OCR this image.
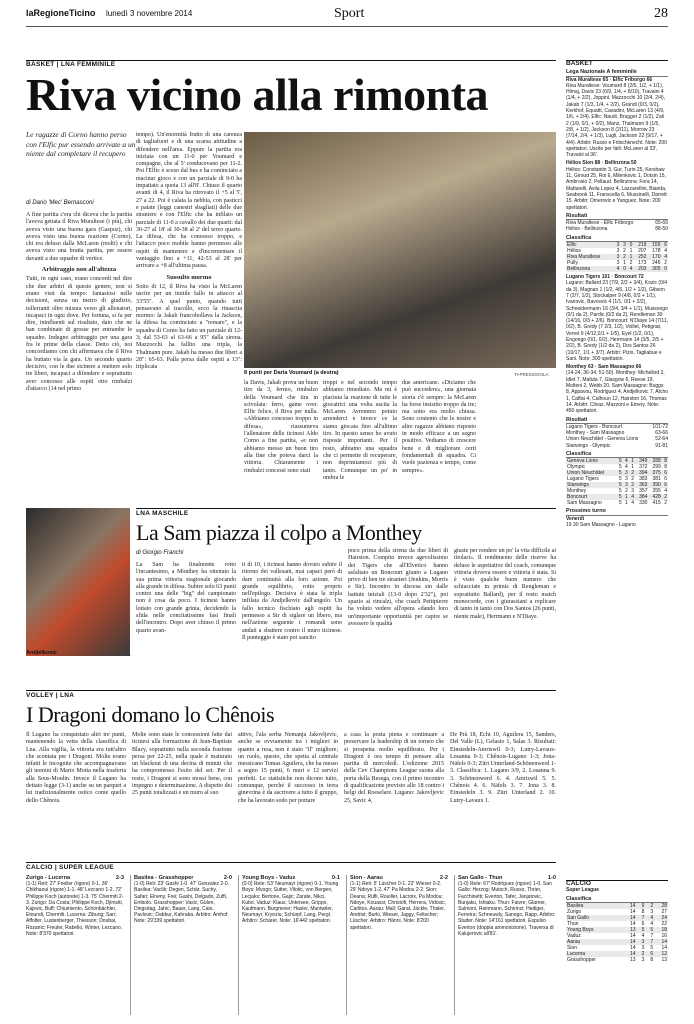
laRegioneTicino lunedì 3 novembre 2014	Sport	28
BASKET | LNA FEMMINILE
Riva vicino alla rimonta
Le ragazze di Corno hanno perso con l'Elfic pur essendo arrivate a un niente dal completare il recupero
di Dario 'Mec' Bernasconi

A fine partita c'era chi diceva che la partita l'aveva gettata il Riva Muraltese (i più), chi aveva visto una buona gara (Gaspoz), chi aveva visto una buona reazione (Corno), chi era deluso dalla McLaren (molti) e chi aveva visto una brutta partita, per essere davanti a due squadre di vertice.

Arbitraggio non all'altezza

Tutti, in ogni caso, erano concordi nel dire che due arbitri di questo genere, non si erano visti da tempo: fantasiosi nelle decisioni, senza un metro di giudizio, tollerranti oltre misura verso gli allenatori, incapaci in ogni dove. Per fortuna, si fa per dire, ininfluenti sul risultato, dato che ne han combinate di grosse per entrambe le squadre. Indegno arbitraggio per una gara fra le prime della classe. Detto ciò, noi concordiamo con chi affermava che il Riva ha buttato via la gara. Un secondo quarto decisivo, con le due sicinere a mettere solo tre liberi, incapaci a difendere e soprattutto aver concesso alle ospiti otto rimbalzi d'attacco (14 nel primo

tempo). Un'enormità frutto di una carenza di tagliafuori e di una scarsa attitudine a difendere nell'area. Eppure la partita era iniziata con un 11-0 per Voumard e compagne, che al 5' conducevano per 11-2. Poi l'Elfic è sceso dal bus e ha cominciato a macinar gioco e con un parziale di 9-0 ha impattato a quota 13 all'8'. Chiuso il quarto avanti di 4, il Riva ha ritrovato il +5 al 5', 27 a 22. Poi è calata la nebbia, con pasticci e patate (leggi canestri sbagliati) delle due straniere e con l'Elfic che ha infilato un parziale di 11-0 a cavallo dei due quarti: dal 30-27 al 18' al 30-38 al 2' del terzo quarto. La difesa, che ha concesso troppo, e l'attacco poco mobile hanno permesso alle ospiti di mantenere e d'incrementare il vantaggio fino a +11, 42-53 al 28' per arrivare a +8 all'ultima pausa.

Sussulto mormo

Sotto di 12, il Riva ha visto la McLaren uscire per un inutile fallo in attacco al 33'55". A quel punto, quando tutti pensavano al tracollo, ecco la rinascita mormo: la Jakab francobollava la Jackson, la difesa ha cominciato a "remare", e la squadra di Corno ha fatto un parziale di 12-3; dal 53-63 al 63-66 a 95" dalla sirena. Mazzocchi ha fallito una tripla, la Thalmann pure. Jakab ha messo due liberi a 28": 65-63. Palla persa dalle ospiti a 13": triplicata

8 punti per Daria Voumard (a destra)	TI-PRESS/GOLA
la Davis, Jakab prova un buon tiro da 3, fermo, rimbalzo della Voumard che tira in scivolata: ferro, game over. Elfic felice, il Riva per nulla. «Abbiamo concesso troppo in difesa», riassumeva l'allenatore delle ticinesi Aldo Corno a fine partita, «e non abbiamo messo un buon tiro alla fine che poteva darci la vittoria. Chiaramente i rimbalzi concessi sono stati
troppi e nel secondo tempo abbiamo rimediato. Ma mi è piaciuta la reazione di tutte le giocatrici una volta uscita la McLaren. Avremmo potuto arrenderci e invece ce la siamo giocata fino all'ultimo tiro. In questo senso ho avuto risposte importanti. Per il resto, abbiamo una squadra che ci permette di recuperare, non deprimiamoci più di tanto. Comunque un po' in ombra le
due americane. «Diciamo che può succedere», una giornata storta c'è sempre: la McLaren ha forse insistito troppo da tre; ma sotto era molto chiusa. Sono contento che le nostre e altre ragazze abbiano risposto in modo efficace a un segno positivo. Vediamo di crescere bene e di migliorare certi fondamentali di squadra. Ci vuole pazienza e tempo, come sempre».
Andjelkovic	TI-PRESS/GOLA
LNA MASCHILE
La Sam piazza il colpo a Monthey
di Giorgio Franchi
La Sam ha finalmente rotto l'incantesimo, a Monthey ha ottenuto la sua prima vittoria stagionale giocando alla grande in difesa. Subire solo 63 punti contro una delle "big" del campionato non è cosa da poco. I ticinesi hanno lottato con grande grinta, decidendo la sfida nelle concitatissime fasi finali dell'incontro. Dopo aver chiuso il primo quarto avan-
ti di 10, i ticinesi hanno dovuto subire il ritorno dei vallesani, mai capaci però di dare continuità alla loro azione. Poi grande equilibrio, rotto proprio nell'epilogo. Decisiva è stata la tripla infilata da Andjelkovic dall'angolo. Un fallo tecnico fischiato agli ospiti ha permesso a Sir di siglare un libero, ma nell'azione seguente i romandi sono andati a sbattere contro il muro ticinese. Il punteggio è stato poi sancito
poco prima della sirena da due liberi di Hairston. Compito invece agevolissimo dei Tigers che all'Elvetico hanno asfaltato un Boncourt giunto a Lugano privo di ben tre stranieri (Jenkins, Morris e Sir). Incontro in discesa sin dalle battute iniziali (13-0 dopo 2'32"), poi spazio ai rincalzi, che coach Petitpierre ha voluto vedere all'opera «dando loro un'importante opportunità per capire se avessero le qualità
giuste per rendere un po' la vita difficile ai titolari». Il rendimento delle riserve ha deluso le aspettative del coach, comunque vittoria doveva essere e vittoria è stata. Si è visto qualche buon numero che schiacciate in primis di Rengleman e soprattutto Ballard), per il resto match monocorde, con i giurassiani a replicare di tanto in tanto con Dos Santos (26 punti, niente male), Herrmann e N'Diaye.
VOLLEY | LNA
I Dragoni domano lo Chênois
Il Lugano ha conquistato altri tre punti, mantenendo la vetta della classifica di Lna. Alla vigilia, la vittoria era tutt'altro che scontata per i Dragoni. Molte erano infatti le incognite che accompagnavano gli uomini di Mario Motta nella trasferta alla Sous-Moulin. Invece il Lugano ha dettato legge (3-1) anche su un parquet a lui tradizionalmente ostico come quello dello Chênois.
Molte sono state le concessioni fatte dai ticinesi alla formazione di Jean-Baptiste Blazy, soprattutto nella seconda frazione persa per 22-25, nella quale è maturato un blackout di una decina di minuti che ha compromesso l'esito del set. Per il resto, i Dragoni si sono mossi bene, con impegno e determinazione. A dispetto dei 25 punti totalizzati e un muro al suo
attivo, l'ala serba Nemanja Jakovljevic, anche se ovviamente tra i migliori in quanto a resa, non è stato "il" migliore; un ruolo, questo, che spetta al centrale messicano Tomas Aguilera, che ha messo a segno 15 punti, 6 muri e 12 servizi perfetti. Le statistiche non dicono tutto, comunque, perché il successo in terra ginevrina è da ascrivere a tutto il gruppo, che ha lavorato sodo per portare
a casa la posta piena e continuare a preservare la leadership di un torneo che si prospetta molto equilibrato. Per i Dragoni è ora tempo di pensare alla partita di mercoledì. L'edizione 2015 della Cev Champions League suona alla porta della Resega, con il primo incontro di qualificazione previsto alle 18 contro i belgi del Roeselare. Lugano: Jakovljevic 25, Savic 4,
De Prà 18, Echt 10, Aguilera 15, Sanders, Del Valle (L), Gelasio 1, Salas 3. Risultati: Einsiedeln-Amriswil 0-3; Lutry-Lavaux-Losanna 0-3; Chênois-Lugano 1-3; Jona-Näfels 0-3; Züri Unterland-Schönenwerd 1-3. Classifica: 1. Lugano 3/9, 2. Losanna 9. 3. Schönenwerd 6. 4. Amriswil 5. 5. Chênois 4. 6. Näfels 3. 7. Jona 3. 8. Einsiedeln 3. 9. Züri Unterland 2. 10. Lutry-Lavaux 1.
CALCIO | SUPER LEAGUE
Zurigo - Lucerna	2-3
(1-1) Reti: 27' Fneiler (rigore) 0-1. 36' Chikhaoui (rigore) 1-1. 48' Lezcano 1-2. 72' Philippe Koch (autorete) 1-3. 75' Chermiti 2-3. Zurigo: Da Costa; Philippe Koch, Djimsiti, Kajevic, Buff; Chiumiento, Schönbächler, Etoundi, Chermiti. Lucerna: Zibung; Sarr, Affolter, Lustenberger, Thiesson; Doubai, Rozanic; Freuler, Rabello, Winter, Lezcano. Note: 8'370 spettatori.
Basilea - Grasshopper	2-0
(1-0) Reti: 23' Gashi 1-0. 47' Gonzalez 2-0. Basilea: Vaclik; Degen, Schär, Suchy, Safari; Elneny, Frei; Gashi, Delgado, Zuffi, Embolo. Grasshopper: Vasic; Gülen, Dingsdag, Jahic, Bauer, Lang, Caio, Pavlovic; Dabbur, Kahraba. Arbitro: Amhof. Note: 29'339 spettatori.
Young Boys - Vaduz	0-1
(0-0) Rete: 53' Neumayr (rigore) 0-1. Young Boys: Mvogo; Sutter, Vilotic, von Bergen, Lecjaks; Bertone, Gajic; Zarate, Nikci, Kubo. Vaduz: Klaus; Untersee, Grippo, Kaufmann, Burgmeier; Hasler, Muntwiler, Neumayr, Kryeziu; Schürpf, Lang, Pergl. Arbitro: Schärer. Note: 16'442 spettatori.
Sion - Aarau	2-2
(1-1) Reti: 5' Lüscher 0-1. 22' Wieser 0-2. 29' Ndoye 1-2. 47' Pa Modou 2-2. Sion: Deana; Rüfli, Rouiller, Lacroix, Pa Modou; Ndoye, Kouassi; Christofi, Herrera, Vidosic, Carlitos. Aarau: Mall; Garat, Jäckle, Thaler, Andrist; Burki, Wieser, Jaggy, Feltscher; Lüscher. Arbitro: Hänni. Note: 8'200 spettatori.
San Gallo - Thun	1-0
(1-0) Rete: 67' Rodriguez (rigore) 1-0. San Gallo: Herzog; Mutsch, Russo, Thrier, Facchinetti; Everton, Tafer, Janjatovic, Bunjaku, Ishiaku. Thun: Faivre; Glarner, Sulmoni, Reinmann, Schirinzi; Hediger, Ferreira; Schneuwly, Sanogo, Rapp. Arbitro: Studer. Note: 14'161 spettatori. Espulso Everton (doppia ammonizione). Traversa di Kalujerovic all'81'.
BASKET
Lega Nazionale A femminile
Riva Muraltese 65 · Elfic Friborgo 66
Riva Muraltese: Voumard 8 (2/5, 1/2, + 1/1), Himaj, Davis 23 (6/9, 1/4, + 8/10), Travaini 4 (1/4, + 2/2), Joppini, Mazzocchi 10 (2/4, 2/4), Jakab 7 (1/3, 1/4, + 2/2), Grandi (0/3, 0/2), Kerkhof, Equatti, Cavadini, McLaren 13 (4/9, 1/6, + 2/4). Elfic: Naudi, Brugger 2 (1/2), Zali 2 (1/9, 0/1, + 0/2), Manz, Thalmann 9 (1/5, 2/8, + 1/2), Jackson 8 (2/11), Morrow 23 (7/14, 2/4, + 1/3), Lugli, Jackson 22 (9/17, + 4/4). Arbitri: Russo e Fritschknecht. Note: 200 spettatori. Uscite per falli: McLaren al 33', Travaini al 36'.
Hélios Sion 88 · Bellinzona 50
Hélios: Constantin 3, Gur, Turin 25, Kershaw 11, Giroud 25, Roi 6, Milenkovic 1, Dotsin 15, Ambrosio 2, Pellaud. Bellinzona: Fora 14, Mattarelli, Avila Lopez 4, Lazzarellini, Bianda, Seabrook 11, Franscella 6, Mussinelli, Darrett 15. Arbitri: Omerovic e Yanguez. Note: 200 spettatori.
Risultati
Riva Muraltese - Elfic Friborgo	65-66
Hélios - Bellinzona	88-50
Classifica
Elfic	3	3	0	219	155	6
Hélios	3	2	1	207	178	4
Riva Muraltese	3	2	1	252	170	4
Pully	3	1	2	173	246	2
Bellinzona	4	0	4	203	305	0
Lugano Tigers 101 · Boncourt 72
Lugano: Ballard 23 (7/9, 2/2 + 3/4), Kozic (0/4 da 3), Magnan 1 (1/2, 4/6, 1/2 + 1/2), Gibson 7 (2/7, 1/2), Stockalper 9 (4/8, 0/2 + 1/1), Ivanovic, Bavcevic 4 (1/1, 0/1 + 2/2), Schneidermann 16 (3/4, 3/4 + 1/1), Mussongo (0/1 da 2), Pardic (0/2 da 2), Rendleman 30 (14/16, 0/3 + 2/6). Boncourt: N'Diaye 14 (7/11, 0/2), B. Gredy (7 2/3, 1/2), Voillet, Petignat, Verret 9 (4/12,0/1 + 1/5), Eyel (1/2, 0/1), Engongo (0/1, 0/2), Herrmann 14 (3/5, 2/5 + 2/2), B. Gredy (1/2 da 2), Dos Santos 26 (10/17, 1/1 + 3/7). Arbitri: Pizio, Tagliabue e Sani. Note: 300 spettatori.
Monthey 63 · Sam Massagno 66
(14-24, 36-34, 51-50). Monthey: Michellod 2, Idlet 7, Mafuta 7, Glasgow 6, Reese 19, Molteni 2, Webb 20. Sam Massagno: Buggs 8, Appavou, Rodriguez 4, Andjelkovic 7, Atcho 1, Caflisi 4, Calhoun 12, Hairston 16, Thomas 14. Arbitri: Clivaz, Mazzoni e Emery. Note: 450 spettatori.
Risultati
Lugano Tigers - Boncourt	101-72
Monthey - Sam Massagno	63-66
Union Neuchâtel - Geneva Lions	52-64
Starwings - Olympic	91-81
Classifica
Geneva Lions	5	4	1	349	288	8
Olympic	5	4	1	372	299	8
Union Neuchâtel	5	3	2	394	375	6
Lugano Tigers	5	3	2	383	381	6
Starwings	5	3	2	363	390	6
Monthey	5	2	3	357	355	4
Boncourt	5	1	4	384	428	2
Sam Massagno	5	1	4	330	415	2
Prossimo turno
Venerdì
19.30 Sam Massagno - Lugano
CALCIO
Super League
Classifica
Basilea	14	9	2	28
Zurigo	14	8	3	27
San Gallo	14	7	4	24
Thun	14	6	4	22
Young Boys	13	5	5	18
Vaduz	14	4	7	16
Aarau	14	3	7	14
Sion	14	3	5	14
Lucerna	14	2	6	12
Grasshopper	13	3	8	13
